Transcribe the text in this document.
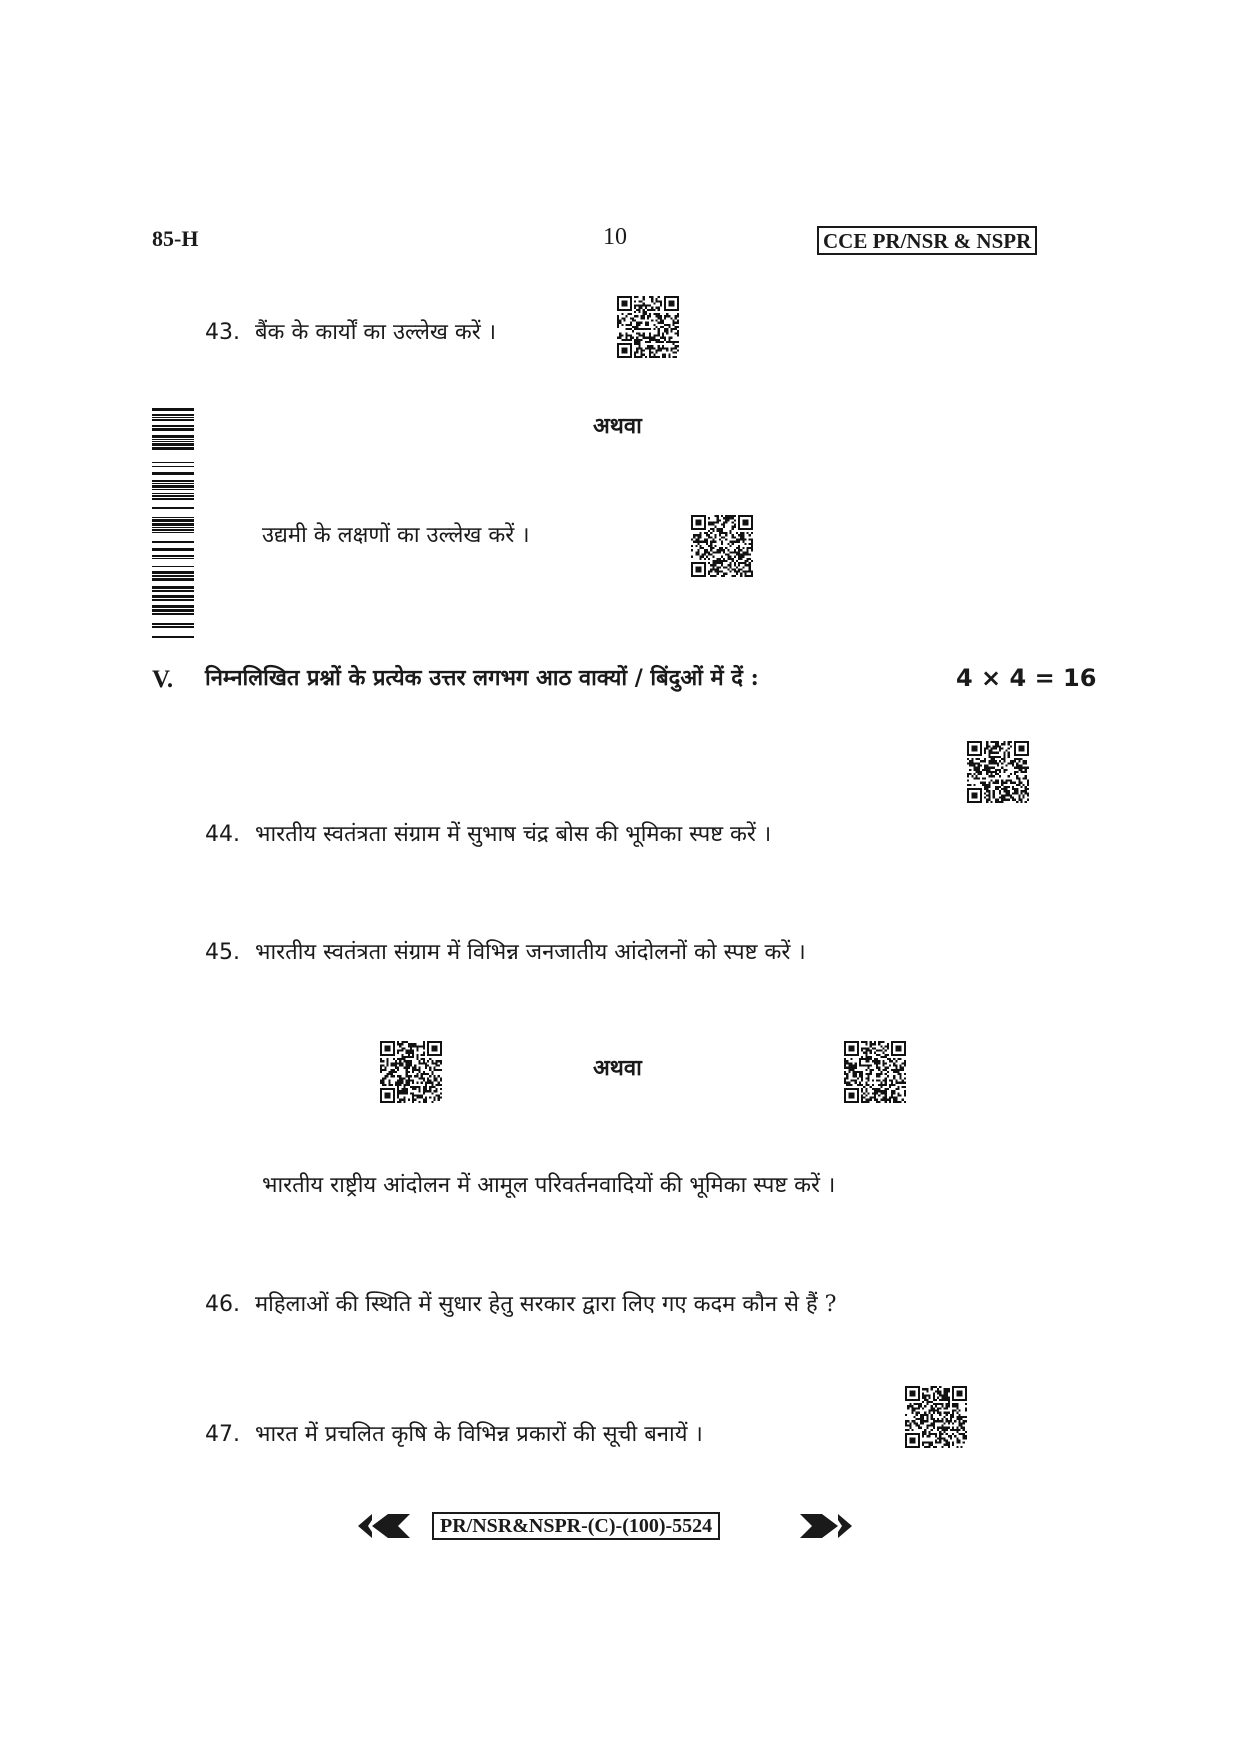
85-H	10	CCE PR/NSR & NSPR
43. बैंक के कार्यों का उल्लेख करें ।
अथवा
उद्यमी के लक्षणों का उल्लेख करें ।
V. निम्नलिखित प्रश्नों के प्रत्येक उत्तर लगभग आठ वाक्यों / बिंदुओं में दें :	4 × 4 = 16
44. भारतीय स्वतंत्रता संग्राम में सुभाष चंद्र बोस की भूमिका स्पष्ट करें ।
45. भारतीय स्वतंत्रता संग्राम में विभिन्न जनजातीय आंदोलनों को स्पष्ट करें ।
अथवा
भारतीय राष्ट्रीय आंदोलन में आमूल परिवर्तनवादियों की भूमिका स्पष्ट करें ।
46. महिलाओं की स्थिति में सुधार हेतु सरकार द्वारा लिए गए कदम कौन से हैं ?
47. भारत में प्रचलित कृषि के विभिन्न प्रकारों की सूची बनायें ।
PR/NSR&NSPR-(C)-(100)-5524
